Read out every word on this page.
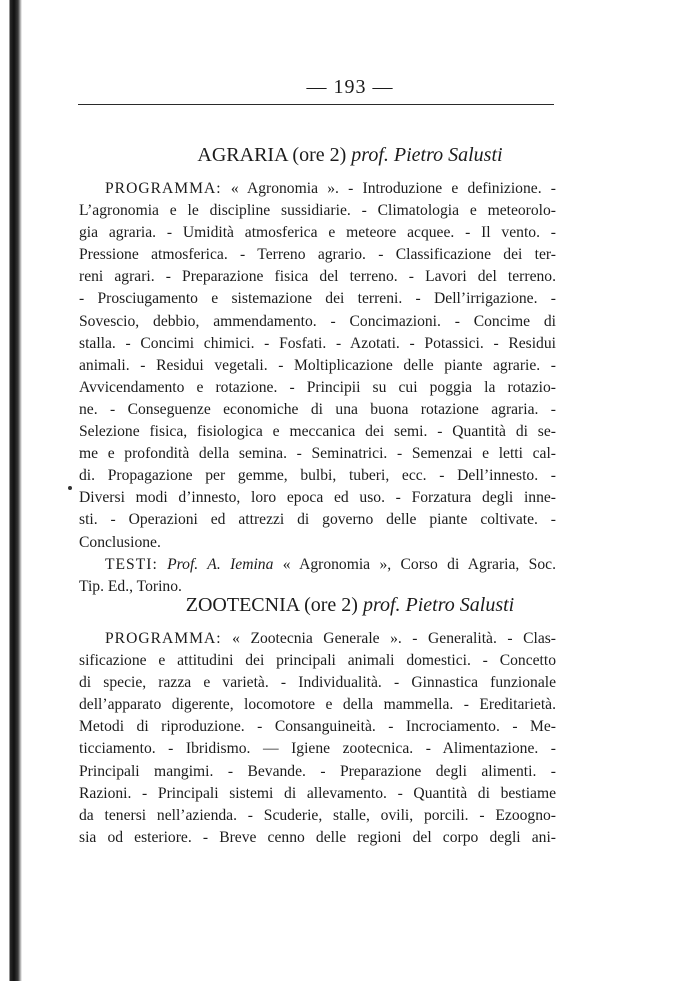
— 193 —
AGRARIA (ore 2) prof. Pietro Salusti
PROGRAMMA: « Agronomia ». - Introduzione e definizione. -
L’agronomia e le discipline sussidiarie. - Climatologia e meteorolo-
gia agraria. - Umidità atmosferica e meteore acquee. - Il vento. -
Pressione atmosferica. - Terreno agrario. - Classificazione dei ter-
reni agrari. - Preparazione fisica del terreno. - Lavori del terreno.
- Prosciugamento e sistemazione dei terreni. - Dell’irrigazione. -
Sovescio, debbio, ammendamento. - Concimazioni. - Concime di
stalla. - Concimi chimici. - Fosfati. - Azotati. - Potassici. - Residui
animali. - Residui vegetali. - Moltiplicazione delle piante agrarie. -
Avvicendamento e rotazione. - Principii su cui poggia la rotazio-
ne. - Conseguenze economiche di una buona rotazione agraria. -
Selezione fisica, fisiologica e meccanica dei semi. - Quantità di se-
me e profondità della semina. - Seminatrici. - Semenzai e letti cal-
di. Propagazione per gemme, bulbi, tuberi, ecc. - Dell’innesto. -
Diversi modi d’innesto, loro epoca ed uso. - Forzatura degli inne-
sti. - Operazioni ed attrezzi di governo delle piante coltivate. -
Conclusione.
TESTI: Prof. A. Iemina « Agronomia », Corso di Agraria, Soc.
Tip. Ed., Torino.
ZOOTECNIA (ore 2) prof. Pietro Salusti
PROGRAMMA: « Zootecnia Generale ». - Generalità. - Clas-
sificazione e attitudini dei principali animali domestici. - Concetto
di specie, razza e varietà. - Individualità. - Ginnastica funzionale
dell’apparato digerente, locomotore e della mammella. - Ereditarietà.
Metodi di riproduzione. - Consanguineità. - Incrociamento. - Me-
ticciamento. - Ibridismo. — Igiene zootecnica. - Alimentazione. -
Principali mangimi. - Bevande. - Preparazione degli alimenti. -
Razioni. - Principali sistemi di allevamento. - Quantità di bestiame
da tenersi nell’azienda. - Scuderie, stalle, ovili, porcili. - Ezoogno-
sia od esteriore. - Breve cenno delle regioni del corpo degli ani-
